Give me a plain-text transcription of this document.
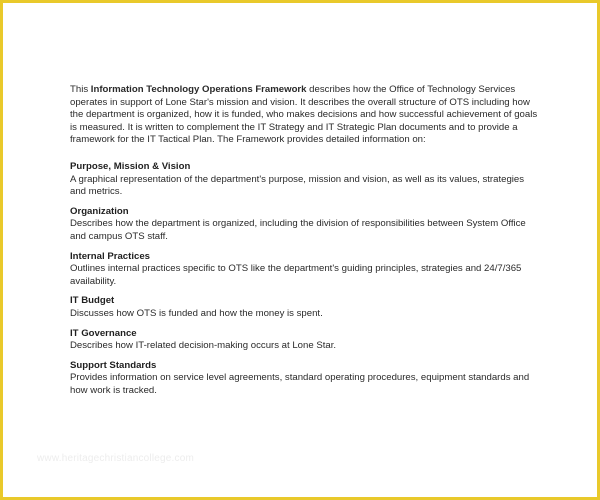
This Information Technology Operations Framework describes how the Office of Technology Services operates in support of Lone Star's mission and vision. It describes the overall structure of OTS including how the department is organized, how it is funded, who makes decisions and how successful achievement of goals is measured. It is written to complement the IT Strategy and IT Strategic Plan documents and to provide a framework for the IT Tactical Plan. The Framework provides detailed information on:

Purpose, Mission & Vision

A graphical representation of the department's purpose, mission and vision, as well as its values, strategies and metrics.

Organization

Describes how the department is organized, including the division of responsibilities between System Office and campus OTS staff.

Internal Practices

Outlines internal practices specific to OTS like the department's guiding principles, strategies and 24/7/365 availability.

IT Budget

Discusses how OTS is funded and how the money is spent.

IT Governance

Describes how IT-related decision-making occurs at Lone Star.

Support Standards

Provides information on service level agreements, standard operating procedures, equipment standards and how work is tracked.

www.heritagechristiancollege.com
